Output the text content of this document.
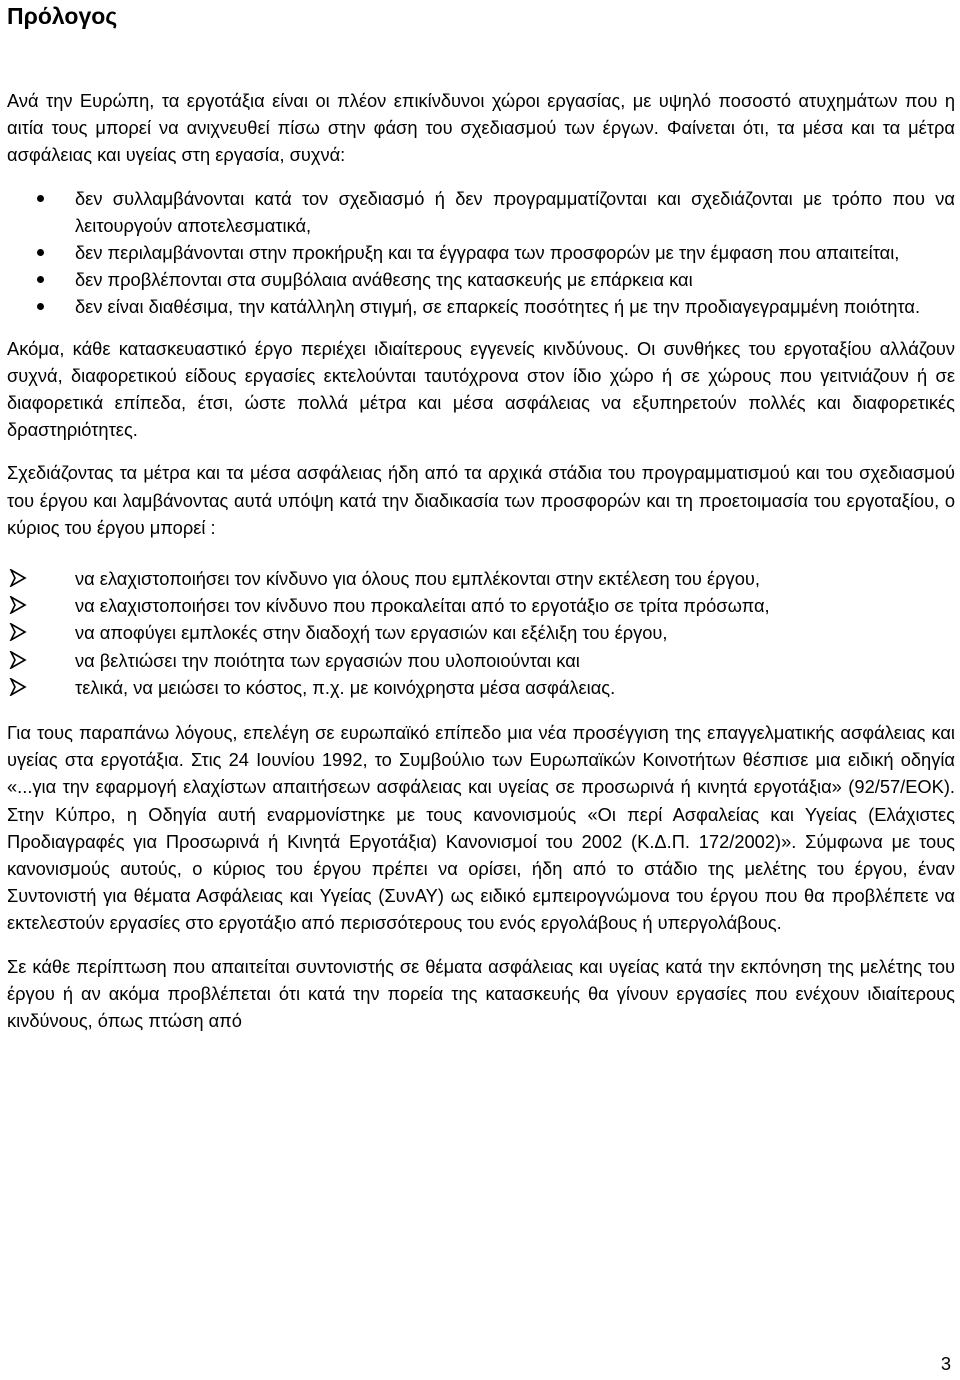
Πρόλογος

Ανά την Ευρώπη, τα εργοτάξια είναι οι πλέον επικίνδυνοι χώροι εργασίας, με υψηλό ποσοστό ατυχημάτων που η αιτία τους μπορεί να ανιχνευθεί πίσω στην φάση του σχεδιασμού των έργων. Φαίνεται ότι, τα μέσα και τα μέτρα ασφάλειας και υγείας στη εργασία, συχνά:

δεν συλλαμβάνονται κατά τον σχεδιασμό ή δεν προγραμματίζονται και σχεδιάζονται με τρόπο που να λειτουργούν αποτελεσματικά,
δεν περιλαμβάνονται στην προκήρυξη και τα έγγραφα των προσφορών με την έμφαση που απαιτείται,
δεν προβλέπονται στα συμβόλαια ανάθεσης της κατασκευής με επάρκεια και
δεν είναι διαθέσιμα, την κατάλληλη στιγμή, σε επαρκείς ποσότητες ή με την προδιαγεγραμμένη ποιότητα.

Ακόμα, κάθε κατασκευαστικό έργο περιέχει ιδιαίτερους εγγενείς κινδύνους. Οι συνθήκες του εργοταξίου αλλάζουν συχνά, διαφορετικού είδους εργασίες εκτελούνται ταυτόχρονα στον ίδιο χώρο ή σε χώρους που γειτνιάζουν ή σε διαφορετικά επίπεδα, έτσι, ώστε πολλά μέτρα και μέσα ασφάλειας να εξυπηρετούν πολλές και διαφορετικές δραστηριότητες.

Σχεδιάζοντας τα μέτρα και τα μέσα ασφάλειας ήδη από τα αρχικά στάδια του προγραμματισμού και του σχεδιασμού του έργου και λαμβάνοντας αυτά υπόψη κατά την διαδικασία των προσφορών και τη προετοιμασία του εργοταξίου, ο κύριος του έργου μπορεί :

να ελαχιστοποιήσει τον κίνδυνο για όλους που εμπλέκονται στην εκτέλεση του έργου,
να ελαχιστοποιήσει τον κίνδυνο που προκαλείται από το εργοτάξιο σε τρίτα πρόσωπα,
να αποφύγει εμπλοκές στην διαδοχή των εργασιών και εξέλιξη του έργου,
να βελτιώσει την ποιότητα των εργασιών που υλοποιούνται και
τελικά, να μειώσει το κόστος, π.χ. με κοινόχρηστα μέσα ασφάλειας.

Για τους παραπάνω λόγους, επελέγη σε ευρωπαϊκό επίπεδο μια νέα προσέγγιση της επαγγελματικής ασφάλειας και υγείας στα εργοτάξια. Στις 24 Ιουνίου 1992, το Συμβούλιο των Ευρωπαϊκών Κοινοτήτων θέσπισε μια ειδική οδηγία «...για την εφαρμογή ελαχίστων απαιτήσεων ασφάλειας και υγείας σε προσωρινά ή κινητά εργοτάξια» (92/57/ΕΟΚ). Στην Κύπρο, η Οδηγία αυτή εναρμονίστηκε με τους κανονισμούς «Οι περί Ασφαλείας και Υγείας (Ελάχιστες Προδιαγραφές για Προσωρινά ή Κινητά Εργοτάξια) Κανονισμοί του 2002 (Κ.Δ.Π. 172/2002)». Σύμφωνα με τους κανονισμούς αυτούς, ο κύριος του έργου πρέπει να ορίσει, ήδη από το στάδιο της μελέτης του έργου, έναν Συντονιστή για θέματα Ασφάλειας και Υγείας (ΣυνΑΥ) ως ειδικό εμπειρογνώμονα του έργου που θα προβλέπετε να εκτελεστούν εργασίες στο εργοτάξιο από περισσότερους του ενός εργολάβους ή υπεργολάβους.

Σε κάθε περίπτωση που απαιτείται συντονιστής σε θέματα ασφάλειας και υγείας κατά την εκπόνηση της μελέτης του έργου ή αν ακόμα προβλέπεται ότι κατά την πορεία της κατασκευής θα γίνουν εργασίες που ενέχουν ιδιαίτερους κινδύνους, όπως πτώση από

3
